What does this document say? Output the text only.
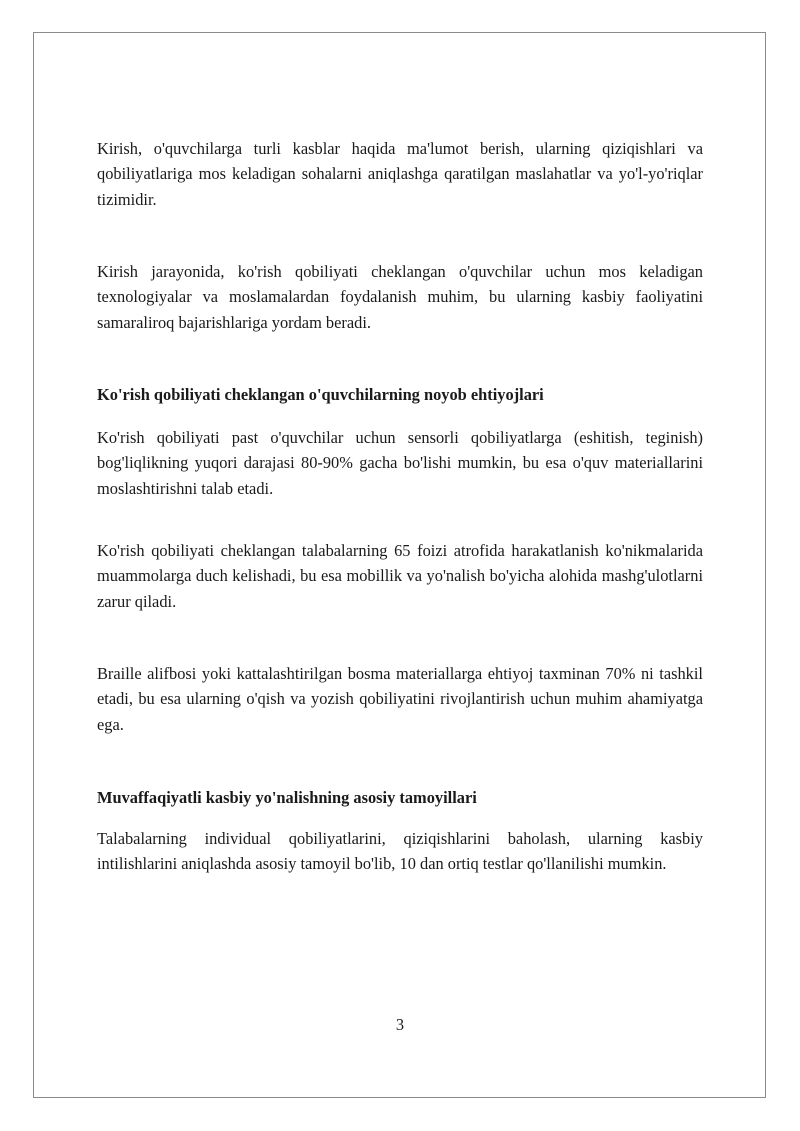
Kirish, o'quvchilarga turli kasblar haqida ma'lumot berish, ularning qiziqishlari va qobiliyatlariga mos keladigan sohalarni aniqlashga qaratilgan maslahatlar va yo'l-yo'riqlar tizimidir.

Kirish jarayonida, ko'rish qobiliyati cheklangan o'quvchilar uchun mos keladigan texnologiyalar va moslamalardan foydalanish muhim, bu ularning kasbiy faoliyatini samaraliroq bajarishlariga yordam beradi.

Ko'rish qobiliyati cheklangan o'quvchilarning noyob ehtiyojlari

Ko'rish qobiliyati past o'quvchilar uchun sensorli qobiliyatlarga (eshitish, teginish) bog'liqlikning yuqori darajasi 80-90% gacha bo'lishi mumkin, bu esa o'quv materiallarini moslashtirishni talab etadi.

Ko'rish qobiliyati cheklangan talabalarning 65 foizi atrofida harakatlanish ko'nikmalarida muammolarga duch kelishadi, bu esa mobillik va yo'nalish bo'yicha alohida mashg'ulotlarni zarur qiladi.

Braille alifbosi yoki kattalashtirilgan bosma materiallarga ehtiyoj taxminan 70% ni tashkil etadi, bu esa ularning o'qish va yozish qobiliyatini rivojlantirish uchun muhim ahamiyatga ega.

Muvaffaqiyatli kasbiy yo'nalishning asosiy tamoyillari

Talabalarning individual qobiliyatlarini, qiziqishlarini baholash, ularning kasbiy intilishlarini aniqlashda asosiy tamoyil bo'lib, 10 dan ortiq testlar qo'llanilishi mumkin.

3
